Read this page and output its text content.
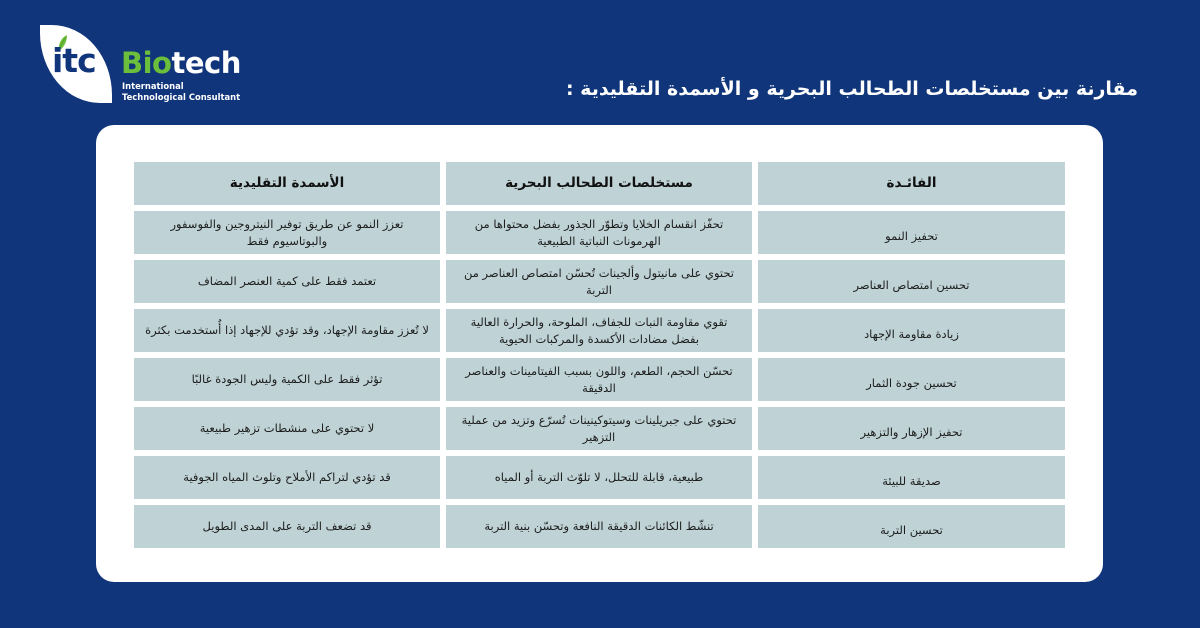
itc Biotech
International
Technological Consultant	مقارنة بين مستخلصات الطحالب البحرية و الأسمدة التقليدية :
الفائـدة
مستخلصات الطحالب البحرية
الأسمدة التقليدية
تحفيز النمو
تحفّز انقسام الخلايا وتطوّر الجذور بفضل محتواها من الهرمونات النباتية الطبيعية
تعزز النمو عن طريق توفير النيتروجين والفوسفور والبوتاسيوم فقط
تحسين امتصاص العناصر
تحتوي على مانيتول وألجينات تُحسّن امتصاص العناصر من التربة
تعتمد فقط على كمية العنصر المضاف
زيادة مقاومة الإجهاد
تقوي مقاومة النبات للجفاف، الملوحة، والحرارة العالية بفضل مضادات الأكسدة والمركبات الحيوية
لا تُعزز مقاومة الإجهاد، وقد تؤدي للإجهاد إذا أُستخدمت بكثرة
تحسين جودة الثمار
تحسّن الحجم، الطعم، واللون بسبب الفيتامينات والعناصر الدقيقة
تؤثر فقط على الكمية وليس الجودة غالبًا
تحفيز الإزهار والتزهير
تحتوي على جبريلينات وسيتوكينينات تُسرّع وتزيد من عملية التزهير
لا تحتوي على منشطات تزهير طبيعية
صديقة للبيئة
طبيعية، قابلة للتحلل، لا تلوّث التربة أو المياه
قد تؤدي لتراكم الأملاح وتلوث المياه الجوفية
تحسين التربة
تنشّط الكائنات الدقيقة النافعة وتحسّن بنية التربة
قد تضعف التربة على المدى الطويل
